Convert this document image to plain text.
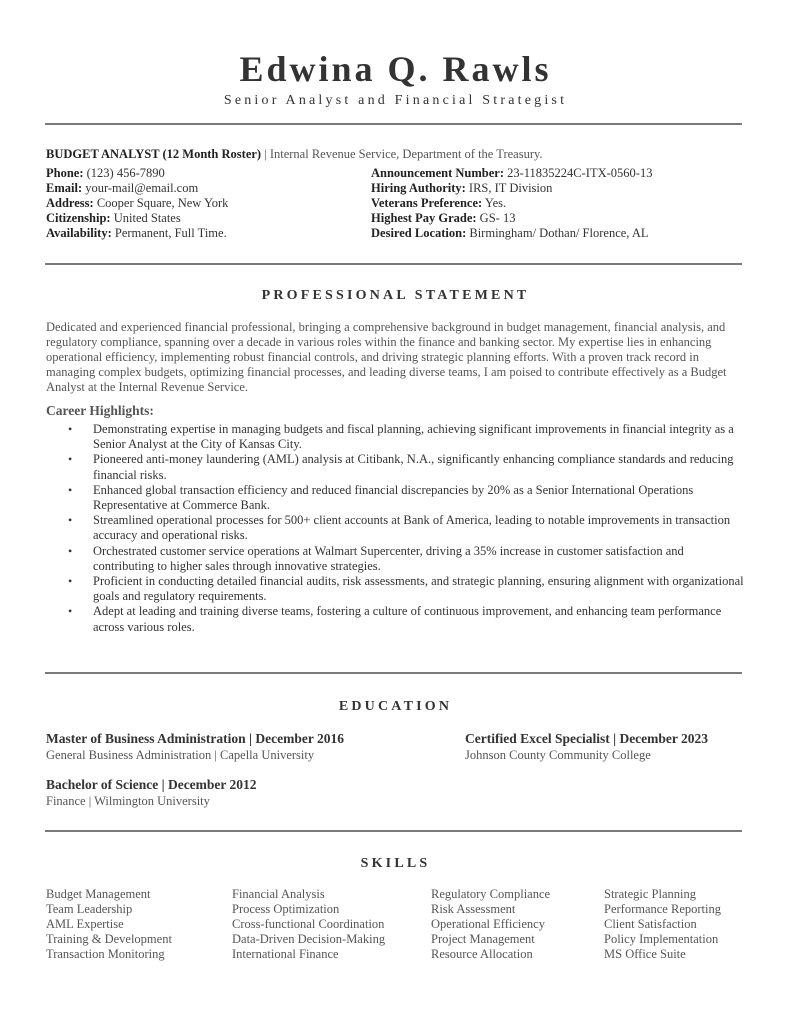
Edwina Q. Rawls
Senior Analyst and Financial Strategist
BUDGET ANALYST (12 Month Roster) | Internal Revenue Service, Department of the Treasury.
Phone: (123) 456-7890
Email: your-mail@email.com
Address: Cooper Square, New York
Citizenship: United States
Availability: Permanent, Full Time.
Announcement Number: 23-11835224C-ITX-0560-13
Hiring Authority: IRS, IT Division
Veterans Preference: Yes.
Highest Pay Grade: GS- 13
Desired Location: Birmingham/ Dothan/ Florence, AL
PROFESSIONAL STATEMENT
Dedicated and experienced financial professional, bringing a comprehensive background in budget management, financial analysis, and regulatory compliance, spanning over a decade in various roles within the finance and banking sector. My expertise lies in enhancing operational efficiency, implementing robust financial controls, and driving strategic planning efforts. With a proven track record in managing complex budgets, optimizing financial processes, and leading diverse teams, I am poised to contribute effectively as a Budget Analyst at the Internal Revenue Service.
Career Highlights:
• Demonstrating expertise in managing budgets and fiscal planning, achieving significant improvements in financial integrity as a Senior Analyst at the City of Kansas City.
• Pioneered anti-money laundering (AML) analysis at Citibank, N.A., significantly enhancing compliance standards and reducing financial risks.
• Enhanced global transaction efficiency and reduced financial discrepancies by 20% as a Senior International Operations Representative at Commerce Bank.
• Streamlined operational processes for 500+ client accounts at Bank of America, leading to notable improvements in transaction accuracy and operational risks.
• Orchestrated customer service operations at Walmart Supercenter, driving a 35% increase in customer satisfaction and contributing to higher sales through innovative strategies.
• Proficient in conducting detailed financial audits, risk assessments, and strategic planning, ensuring alignment with organizational goals and regulatory requirements.
• Adept at leading and training diverse teams, fostering a culture of continuous improvement, and enhancing team performance across various roles.
EDUCATION
Master of Business Administration | December 2016
General Business Administration | Capella University
Certified Excel Specialist | December 2023
Johnson County Community College
Bachelor of Science | December 2012
Finance | Wilmington University
SKILLS
Budget Management
Team Leadership
AML Expertise
Training & Development
Transaction Monitoring
Financial Analysis
Process Optimization
Cross-functional Coordination
Data-Driven Decision-Making
International Finance
Regulatory Compliance
Risk Assessment
Operational Efficiency
Project Management
Resource Allocation
Strategic Planning
Performance Reporting
Client Satisfaction
Policy Implementation
MS Office Suite
